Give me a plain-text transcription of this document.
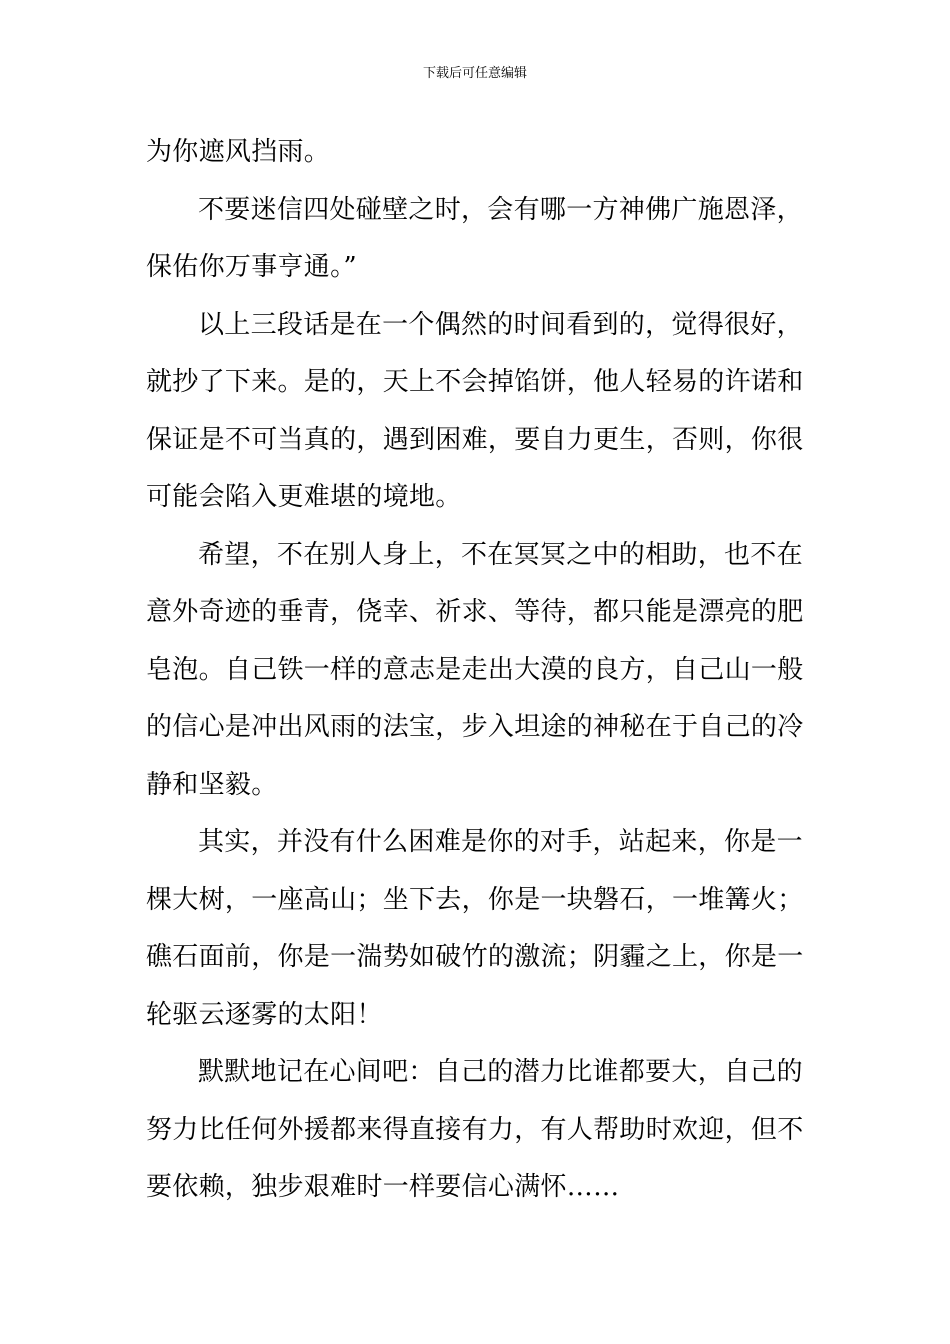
下载后可任意编辑

为你遮风挡雨。

不要迷信四处碰壁之时，会有哪一方神佛广施恩泽，
保佑你万事亨通。”

以上三段话是在一个偶然的时间看到的，觉得很好，
就抄了下来。是的，天上不会掉馅饼，他人轻易的许诺和
保证是不可当真的，遇到困难，要自力更生，否则，你很
可能会陷入更难堪的境地。

希望，不在别人身上，不在冥冥之中的相助，也不在
意外奇迹的垂青，侥幸、祈求、等待，都只能是漂亮的肥
皂泡。自己铁一样的意志是走出大漠的良方，自己山一般
的信心是冲出风雨的法宝，步入坦途的神秘在于自己的冷
静和坚毅。

其实，并没有什么困难是你的对手，站起来，你是一
棵大树，一座高山；坐下去，你是一块磐石，一堆篝火；
礁石面前，你是一湍势如破竹的激流；阴霾之上，你是一
轮驱云逐雾的太阳！

默默地记在心间吧：自己的潜力比谁都要大，自己的
努力比任何外援都来得直接有力，有人帮助时欢迎，但不
要依赖，独步艰难时一样要信心满怀……
